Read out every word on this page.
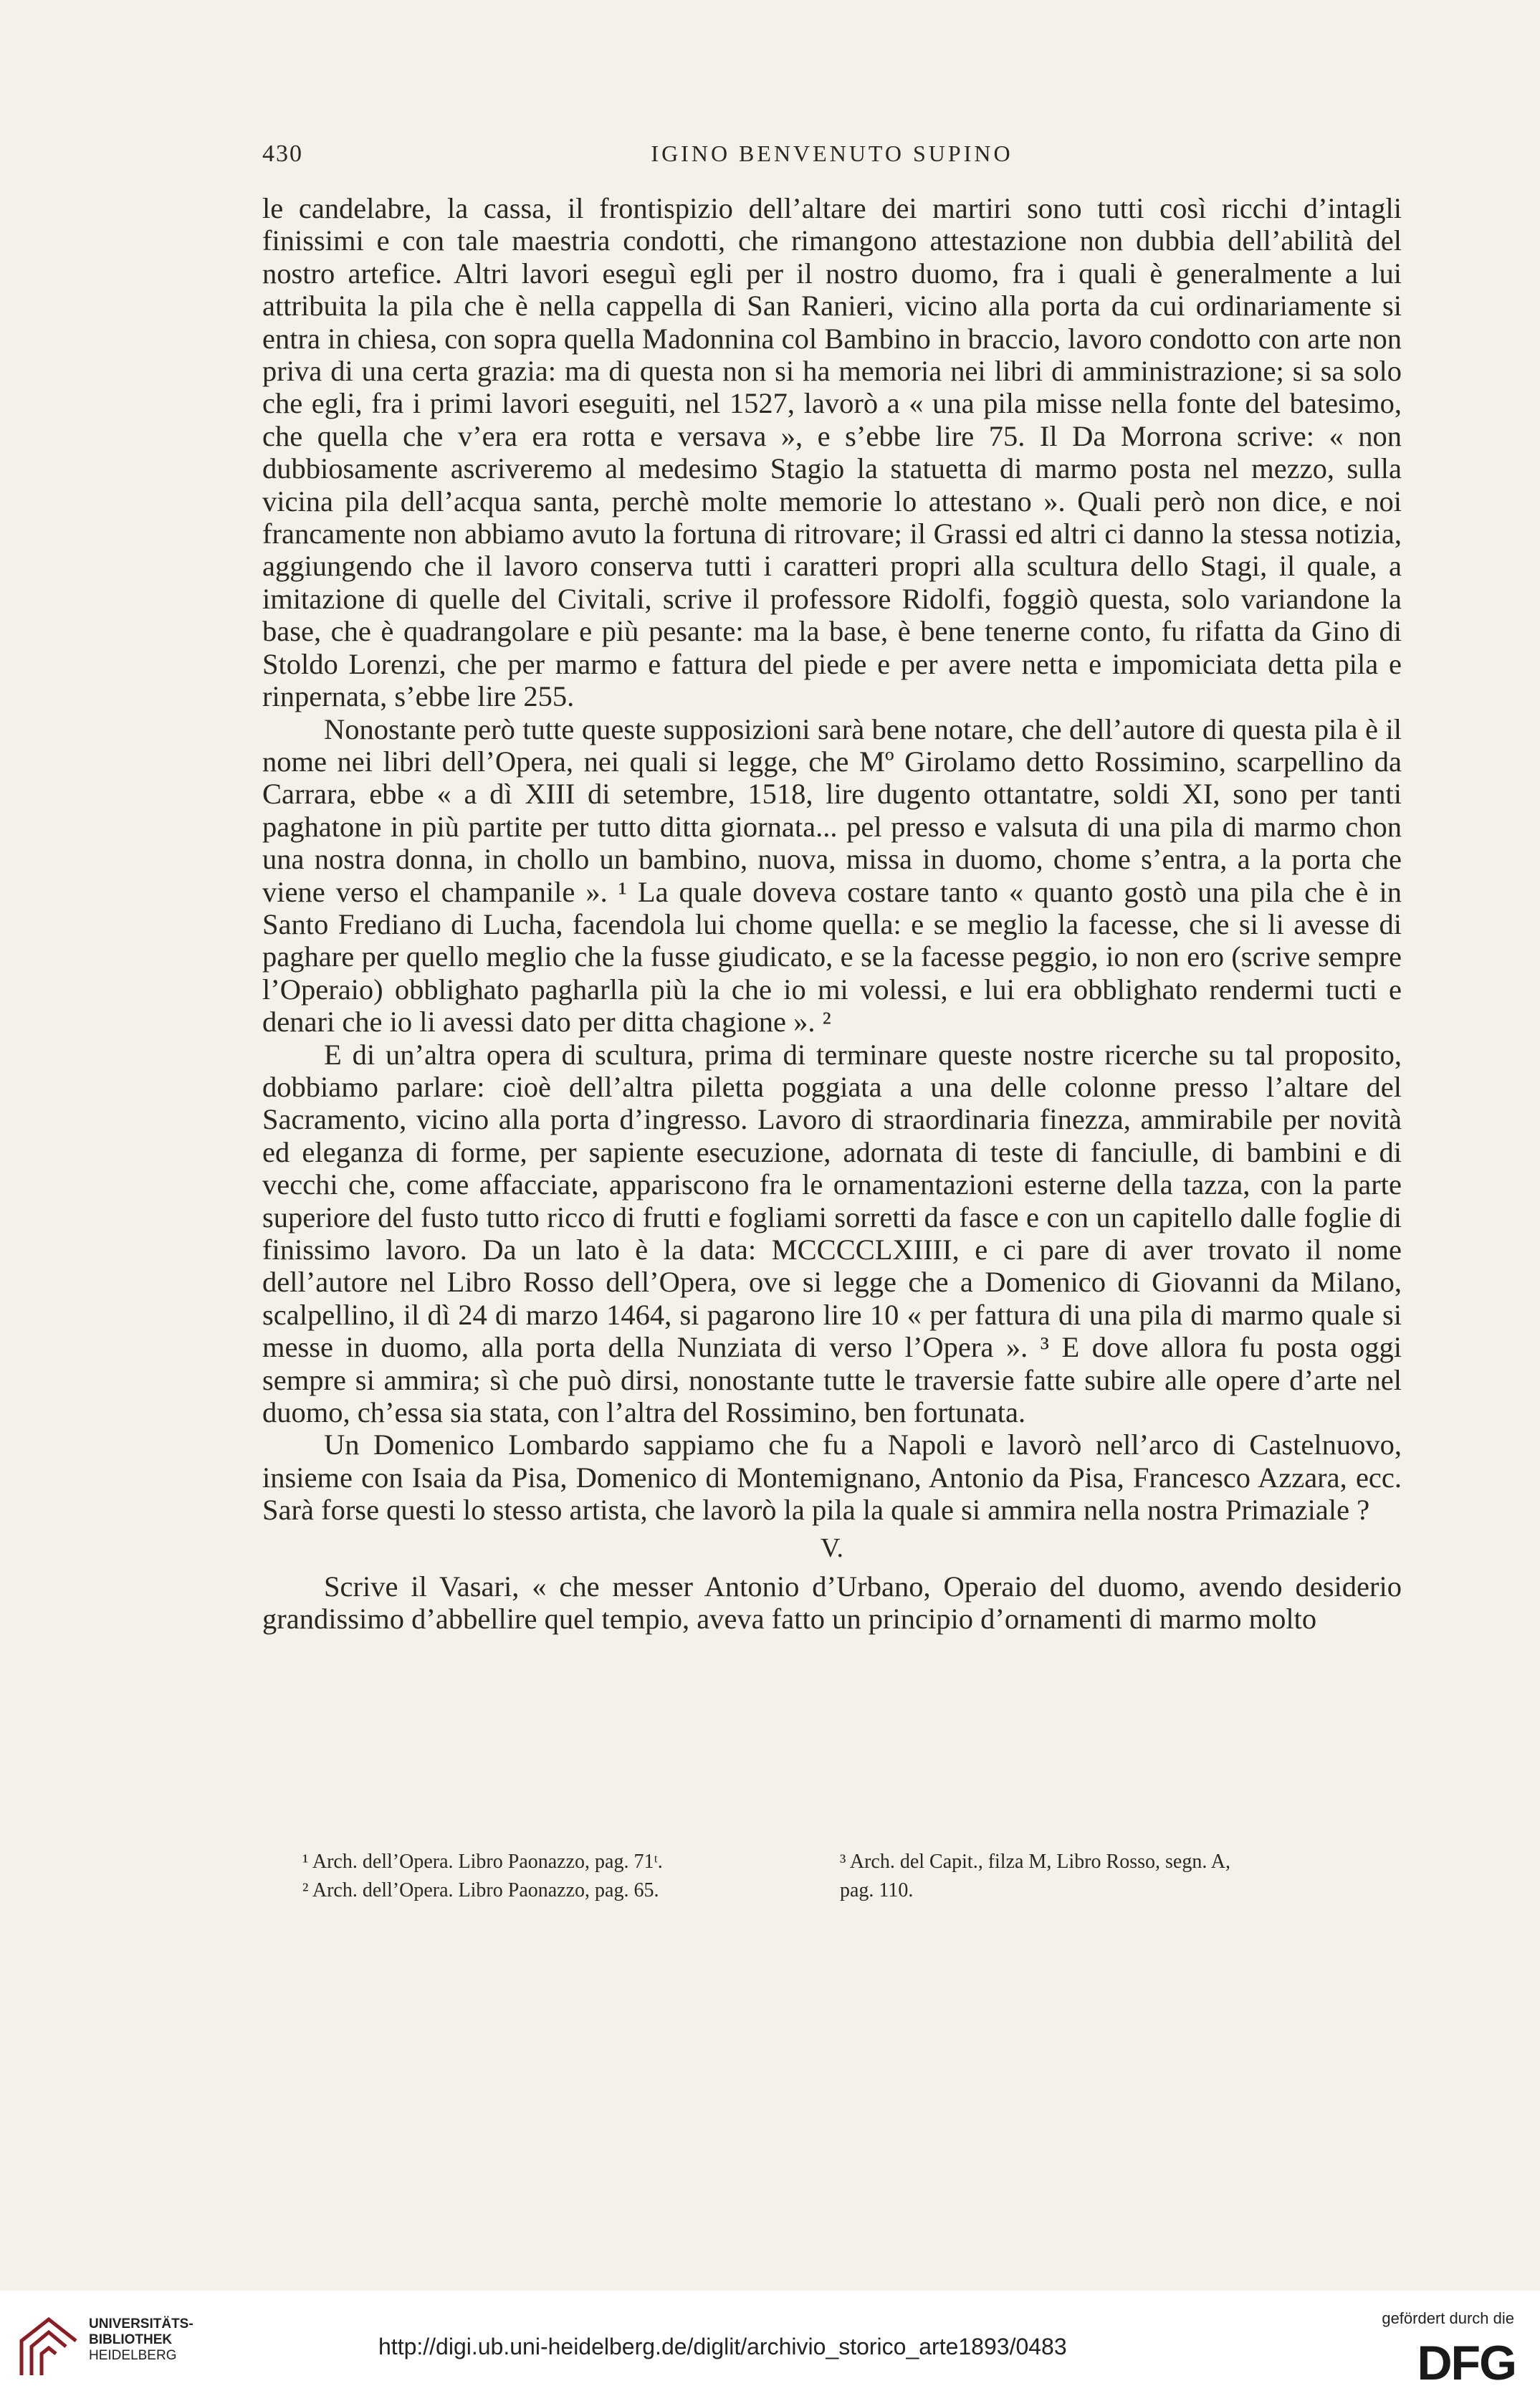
430	IGINO BENVENUTO SUPINO

le candelabre, la cassa, il frontispizio dell’altare dei martiri sono tutti così ricchi d’intagli finissimi e con tale maestria condotti, che rimangono attestazione non dubbia dell’abilità del nostro artefice. Altri lavori eseguì egli per il nostro duomo, fra i quali è generalmente a lui attribuita la pila che è nella cappella di San Ranieri, vicino alla porta da cui ordinariamente si entra in chiesa, con sopra quella Madonnina col Bambino in braccio, lavoro condotto con arte non priva di una certa grazia: ma di questa non si ha memoria nei libri di amministrazione; si sa solo che egli, fra i primi lavori eseguiti, nel 1527, lavorò a « una pila misse nella fonte del batesimo, che quella che v’era era rotta e versava », e s’ebbe lire 75. Il Da Morrona scrive: « non dubbiosamente ascriveremo al medesimo Stagio la statuetta di marmo posta nel mezzo, sulla vicina pila dell’acqua santa, perchè molte memorie lo attestano ». Quali però non dice, e noi francamente non abbiamo avuto la fortuna di ritrovare; il Grassi ed altri ci danno la stessa notizia, aggiungendo che il lavoro conserva tutti i caratteri propri alla scultura dello Stagi, il quale, a imitazione di quelle del Civitali, scrive il professore Ridolfi, foggiò questa, solo variandone la base, che è quadrangolare e più pesante: ma la base, è bene tenerne conto, fu rifatta da Gino di Stoldo Lorenzi, che per marmo e fattura del piede e per avere netta e impomiciata detta pila e rinpernata, s’ebbe lire 255.

Nonostante però tutte queste supposizioni sarà bene notare, che dell’autore di questa pila è il nome nei libri dell’Opera, nei quali si legge, che Mº Girolamo detto Rossimino, scarpellino da Carrara, ebbe « a dì XIII di setembre, 1518, lire dugento ottantatre, soldi XI, sono per tanti paghatone in più partite per tutto ditta giornata... pel presso e valsuta di una pila di marmo chon una nostra donna, in chollo un bambino, nuova, missa in duomo, chome s’entra, a la porta che viene verso el champanile ». ¹ La quale doveva costare tanto « quanto gostò una pila che è in Santo Frediano di Lucha, facendola lui chome quella: e se meglio la facesse, che si li avesse di paghare per quello meglio che la fusse giudicato, e se la facesse peggio, io non ero (scrive sempre l’Operaio) obblighato pagharlla più la che io mi volessi, e lui era obblighato rendermi tucti e denari che io li avessi dato per ditta chagione ». ²

E di un’altra opera di scultura, prima di terminare queste nostre ricerche su tal proposito, dobbiamo parlare: cioè dell’altra piletta poggiata a una delle colonne presso l’altare del Sacramento, vicino alla porta d’ingresso. Lavoro di straordinaria finezza, ammirabile per novità ed eleganza di forme, per sapiente esecuzione, adornata di teste di fanciulle, di bambini e di vecchi che, come affacciate, appariscono fra le ornamentazioni esterne della tazza, con la parte superiore del fusto tutto ricco di frutti e fogliami sorretti da fasce e con un capitello dalle foglie di finissimo lavoro. Da un lato è la data: MCCCCLXIIII, e ci pare di aver trovato il nome dell’autore nel Libro Rosso dell’Opera, ove si legge che a Domenico di Giovanni da Milano, scalpellino, il dì 24 di marzo 1464, si pagarono lire 10 « per fattura di una pila di marmo quale si messe in duomo, alla porta della Nunziata di verso l’Opera ». ³ E dove allora fu posta oggi sempre si ammira; sì che può dirsi, nonostante tutte le traversie fatte subire alle opere d’arte nel duomo, ch’essa sia stata, con l’altra del Rossimino, ben fortunata.

Un Domenico Lombardo sappiamo che fu a Napoli e lavorò nell’arco di Castelnuovo, insieme con Isaia da Pisa, Domenico di Montemignano, Antonio da Pisa, Francesco Azzara, ecc. Sarà forse questi lo stesso artista, che lavorò la pila la quale si ammira nella nostra Primaziale ?

V.

Scrive il Vasari, « che messer Antonio d’Urbano, Operaio del duomo, avendo desiderio grandissimo d’abbellire quel tempio, aveva fatto un principio d’ornamenti di marmo molto

¹ Arch. dell’Opera. Libro Paonazzo, pag. 71ᵗ.
² Arch. dell’Opera. Libro Paonazzo, pag. 65.
³ Arch. del Capit., filza M, Libro Rosso, segn. A,
pag. 110.
UNIVERSITÄTS-
BIBLIOTHEK
HEIDELBERG	http://digi.ub.uni-heidelberg.de/diglit/archivio_storico_arte1893/0483
gefördert durch die
DFG
